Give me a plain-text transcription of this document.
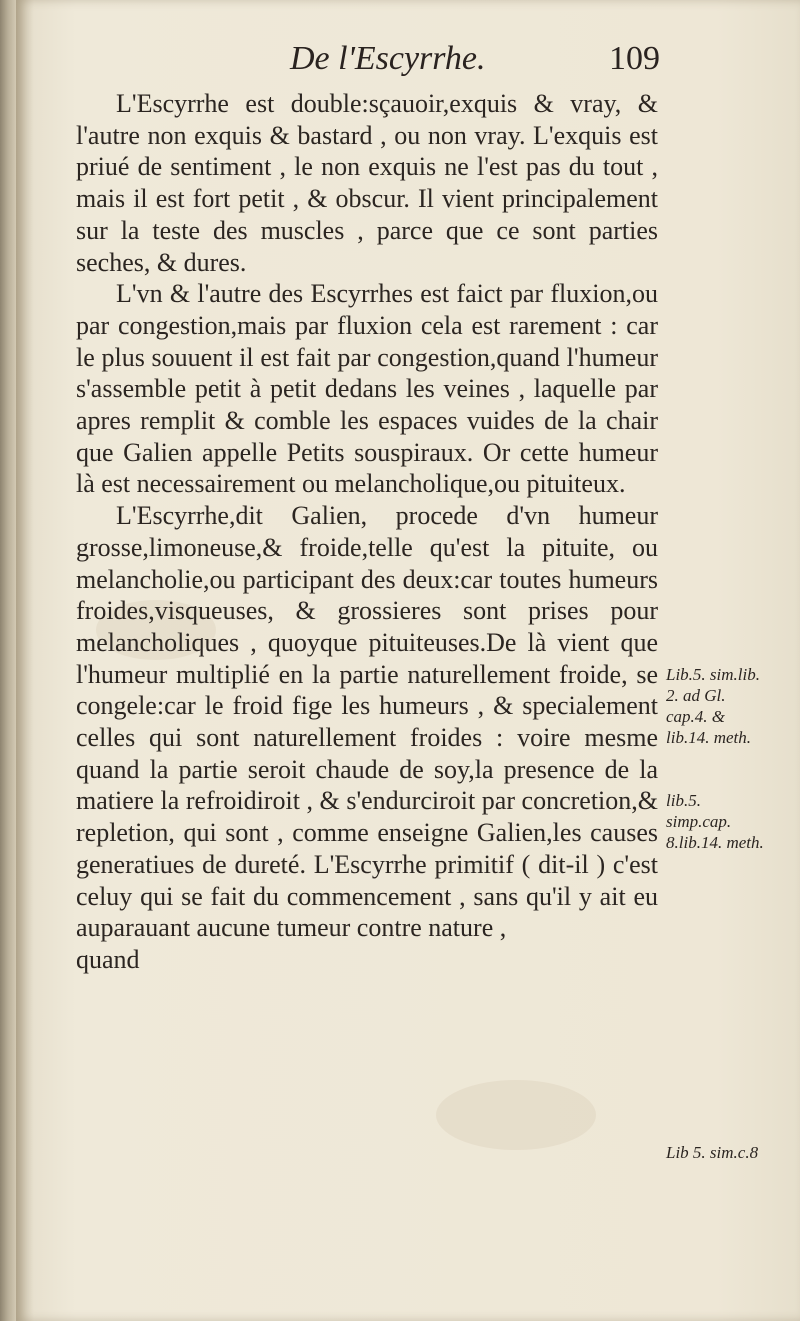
De l'Escyrrhe.	109

L'Escyrrhe est double:sçauoir,exquis & vray, & l'autre non exquis & bastard , ou non vray. L'exquis est priué de sentiment , le non exquis ne l'est pas du tout , mais il est fort petit , & obscur. Il vient principalement sur la teste des muscles , parce que ce sont parties seches, & dures.

L'vn & l'autre des Escyrrhes est faict par fluxion,ou par congestion,mais par fluxion cela est rarement : car le plus souuent il est fait par congestion,quand l'humeur s'assemble petit à petit dedans les veines , laquelle par apres remplit & comble les espaces vuides de la chair que Galien appelle Petits souspiraux. Or cette humeur là est necessairement ou melancholique,ou pituiteux.

L'Escyrrhe,dit Galien, procede d'vn humeur grosse,limoneuse,& froide,telle qu'est la pituite, ou melancholie,ou participant des deux:car toutes humeurs froides,visqueuses, & grossieres sont prises pour melancholiques , quoyque pituiteuses.De là vient que l'humeur multiplié en la partie naturellement froide, se congele:car le froid fige les humeurs , & specialement celles qui sont naturellement froides : voire mesme quand la partie seroit chaude de soy,la presence de la matiere la refroidiroit , & s'endurciroit par concretion,& repletion, qui sont , comme enseigne Galien,les causes generatiues de dureté. L'Escyrrhe primitif ( dit-il ) c'est celuy qui se fait du commencement , sans qu'il y ait eu auparauant aucune tumeur contre nature ,

quand

Lib.5. sim.lib. 2. ad Gl. cap.4. & lib.14. meth.
lib.5. simp.cap. 8.lib.14. meth.
Lib 5. sim.c.8
